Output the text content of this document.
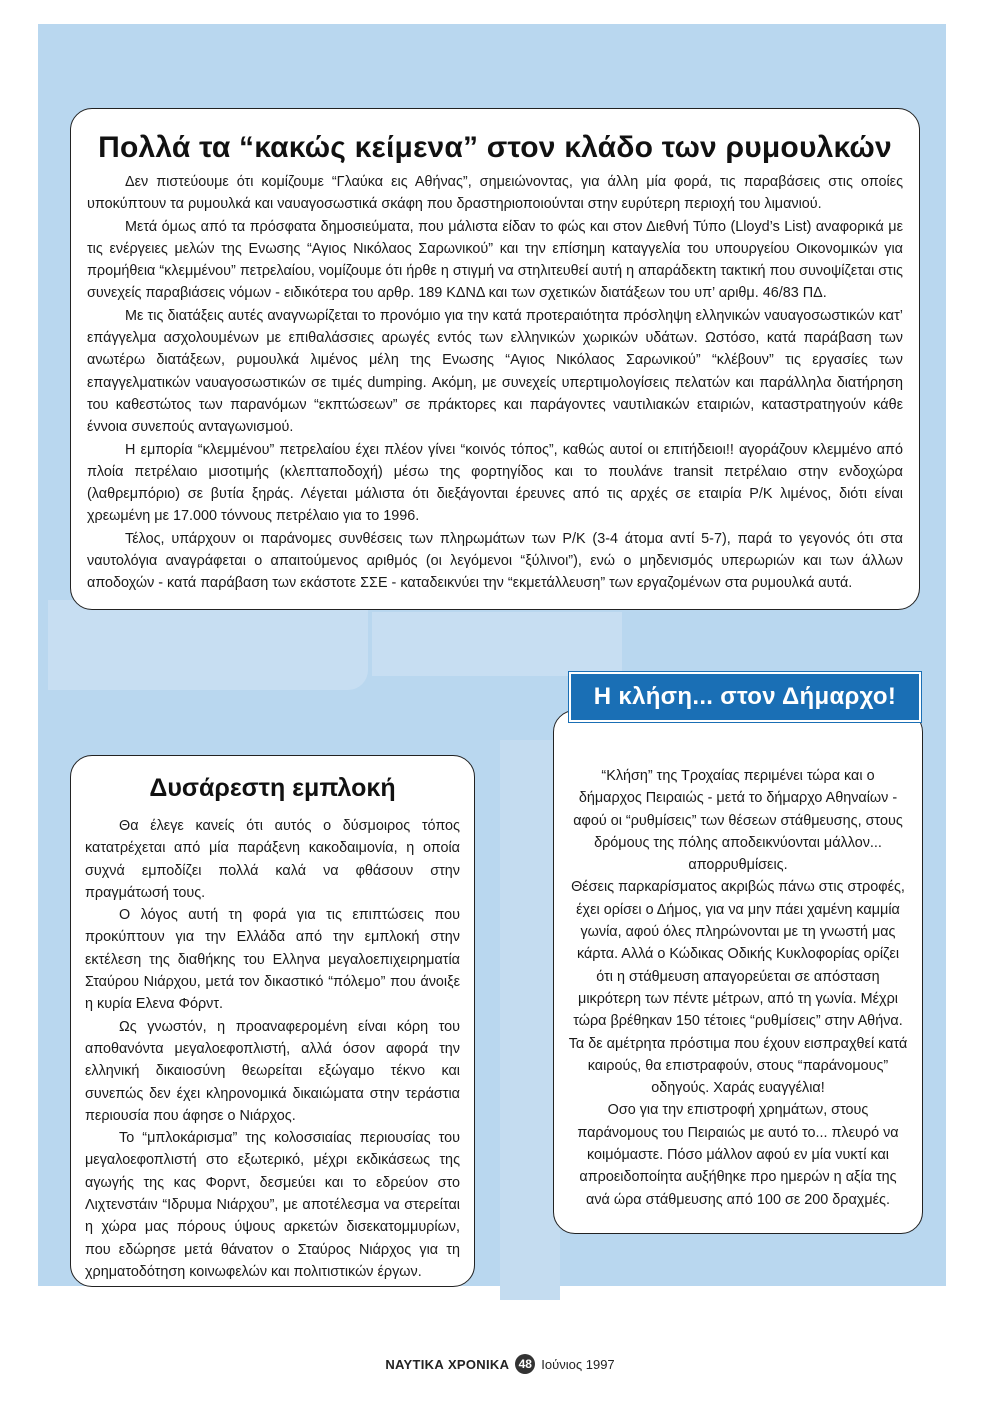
Πολλά τα “κακώς κείμενα” στον κλάδο των ρυμουλκών

Δεν πιστεύουμε ότι κομίζουμε “Γλαύκα εις Αθήνας”, σημειώνοντας, για άλλη μία φορά, τις παραβάσεις στις οποίες υποκύπτουν τα ρυμουλκά και ναυαγοσωστικά σκάφη που δραστηριοποιούνται στην ευρύτερη περιοχή του λιμανιού.

Μετά όμως από τα πρόσφατα δημοσιεύματα, που μάλιστα είδαν το φώς και στον Διεθνή Τύπο (Lloyd’s List) αναφορικά με τις ενέργειες μελών της Ενωσης “Αγιος Νικόλαος Σαρωνικού” και την επίσημη καταγγελία του υπουργείου Οικονομικών για προμήθεια “κλεμμένου” πετρελαίου, νομίζουμε ότι ήρθε η στιγμή να στηλιτευθεί αυτή η απαράδεκτη τακτική που συνοψίζεται στις συνεχείς παραβιάσεις νόμων - ειδικότερα του αρθρ. 189 ΚΔΝΔ και των σχετικών διατάξεων του υπ’ αριθμ. 46/83 ΠΔ.

Με τις διατάξεις αυτές αναγνωρίζεται το προνόμιο για την κατά προτεραιότητα πρόσληψη ελληνικών ναυαγοσωστικών κατ’ επάγγελμα ασχολουμένων με επιθαλάσσιες αρωγές εντός των ελληνικών χωρικών υδάτων. Ωστόσο, κατά παράβαση των ανωτέρω διατάξεων, ρυμουλκά λιμένος μέλη της Ενωσης “Αγιος Νικόλαος Σαρωνικού” “κλέβουν” τις εργασίες των επαγγελματικών ναυαγοσωστικών σε τιμές dumping. Ακόμη, με συνεχείς υπερτιμολογίσεις πελατών και παράλληλα διατήρηση του καθεστώτος των παρανόμων “εκπτώσεων” σε πράκτορες και παράγοντες ναυτιλιακών εταιριών, καταστρατηγούν κάθε έννοια συνεπούς ανταγωνισμού.

Η εμπορία “κλεμμένου” πετρελαίου έχει πλέον γίνει “κοινός τόπος”, καθώς αυτοί οι επιτήδειοι!! αγοράζουν κλεμμένο από πλοία πετρέλαιο μισοτιμής (κλεπταποδοχή) μέσω της φορτηγίδος και το πουλάνε transit πετρέλαιο στην ενδοχώρα (λαθρεμπόριο) σε βυτία ξηράς. Λέγεται μάλιστα ότι διεξάγονται έρευνες από τις αρχές σε εταιρία Ρ/Κ λιμένος, διότι είναι χρεωμένη με 17.000 τόννους πετρέλαιο για το 1996.

Τέλος, υπάρχουν οι παράνομες συνθέσεις των πληρωμάτων των Ρ/Κ (3-4 άτομα αντί 5-7), παρά το γεγονός ότι στα ναυτολόγια αναγράφεται ο απαιτούμενος αριθμός (οι λεγόμενοι “ξύλινοι”), ενώ ο μηδενισμός υπερωριών και των άλλων αποδοχών - κατά παράβαση των εκάστοτε ΣΣΕ - καταδεικνύει την “εκμετάλλευση” των εργαζομένων στα ρυμουλκά αυτά.

Δυσάρεστη εμπλοκή

Θα έλεγε κανείς ότι αυτός ο δύσμοιρος τόπος κατατρέχεται από μία παράξενη κακοδαιμονία, η οποία συχνά εμποδίζει πολλά καλά να φθάσουν στην πραγμάτωσή τους.

Ο λόγος αυτή τη φορά για τις επιπτώσεις που προκύπτουν για την Ελλάδα από την εμπλοκή στην εκτέλεση της διαθήκης του Ελληνα μεγαλοεπιχειρηματία Σταύρου Νιάρχου, μετά τον δικαστικό “πόλεμο” που άνοιξε η κυρία Ελενα Φόρντ.

Ως γνωστόν, η προαναφερομένη είναι κόρη του αποθανόντα μεγαλοεφοπλιστή, αλλά όσον αφορά την ελληνική δικαιοσύνη θεωρείται εξώγαμο τέκνο και συνεπώς δεν έχει κληρονομικά δικαιώματα στην τεράστια περιουσία που άφησε ο Νιάρχος.

Το “μπλοκάρισμα” της κολοσσιαίας περιουσίας του μεγαλοεφοπλιστή στο εξωτερικό, μέχρι εκδικάσεως της αγωγής της κας Φορντ, δεσμεύει και το εδρεύον στο Λιχτενστάιν “Ιδρυμα Νιάρχου”, με αποτέλεσμα να στερείται η χώρα μας πόρους ύψους αρκετών δισεκατομμυρίων, που εδώρησε μετά θάνατον ο Σταύρος Νιάρχος για τη χρηματοδότηση κοινωφελών και πολιτιστικών έργων.

“Κλήση” της Τροχαίας περιμένει τώρα και ο δήμαρχος Πειραιώς - μετά το δήμαρχο Αθηναίων - αφού οι “ρυθμίσεις” των θέσεων στάθμευσης, στους δρόμους της πόλης αποδεικνύονται μάλλον... απορρυθμίσεις.

Θέσεις παρκαρίσματος ακριβώς πάνω στις στροφές, έχει ορίσει ο Δήμος, για να μην πάει χαμένη καμμία γωνία, αφού όλες πληρώνονται με τη γνωστή μας κάρτα. Αλλά ο Κώδικας Οδικής Κυκλοφορίας ορίζει ότι η στάθμευση απαγορεύεται σε απόσταση μικρότερη των πέντε μέτρων, από τη γωνία. Μέχρι τώρα βρέθηκαν 150 τέτοιες “ρυθμίσεις” στην Αθήνα. Τα δε αμέτρητα πρόστιμα που έχουν εισπραχθεί κατά καιρούς, θα επιστραφούν, στους “παράνομους” οδηγούς. Χαράς ευαγγέλια!

Οσο για την επιστροφή χρημάτων, στους παράνομους του Πειραιώς με αυτό το... πλευρό να κοιμόμαστε. Πόσο μάλλον αφού εν μία νυκτί και απροειδοποίητα αυξήθηκε προ ημερών η αξία της ανά ώρα στάθμευσης από 100 σε 200 δραχμές.

Η κλήση... στον Δήμαρχο!
ΝΑΥΤΙΚΑ ΧΡΟΝΙΚΑ 48 Ιούνιος 1997
